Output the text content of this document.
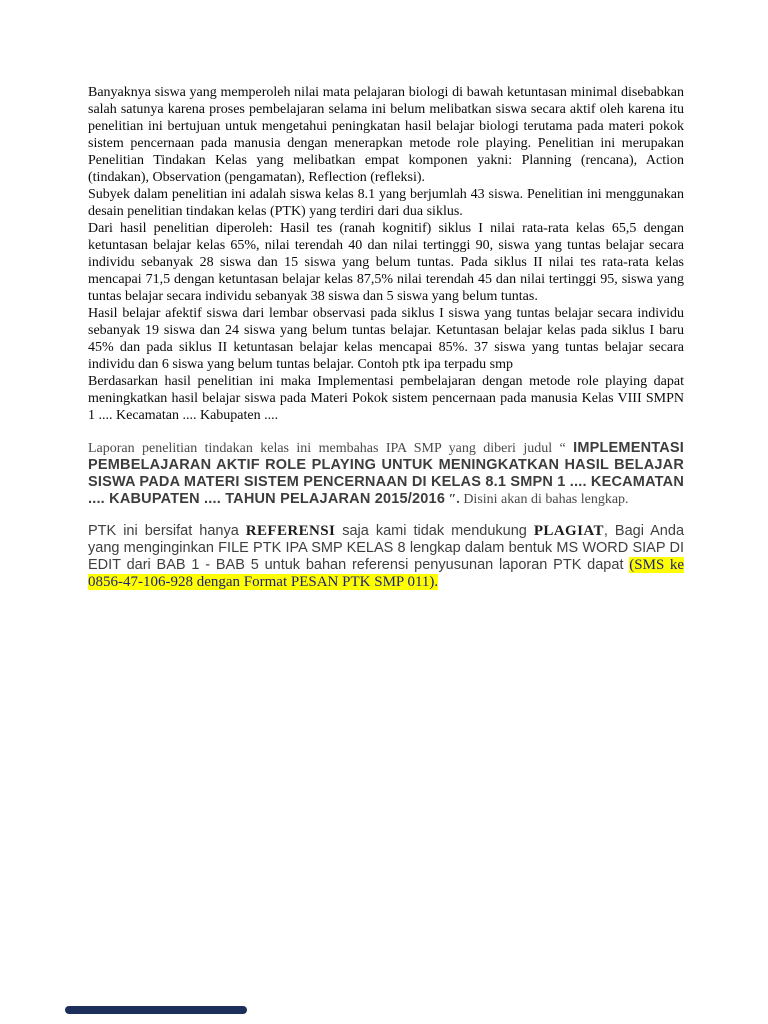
Banyaknya siswa yang memperoleh nilai mata pelajaran biologi di bawah ketuntasan minimal disebabkan salah satunya karena proses pembelajaran selama ini belum melibatkan siswa secara aktif oleh karena itu penelitian ini bertujuan untuk mengetahui peningkatan hasil belajar biologi terutama pada materi pokok sistem pencernaan pada manusia dengan menerapkan metode role playing. Penelitian ini merupakan Penelitian Tindakan Kelas yang melibatkan empat komponen yakni: Planning (rencana), Action (tindakan), Observation (pengamatan), Reflection (refleksi).

Subyek dalam penelitian ini adalah siswa kelas 8.1 yang berjumlah 43 siswa. Penelitian ini menggunakan desain penelitian tindakan kelas (PTK) yang terdiri dari dua siklus.

Dari hasil penelitian diperoleh: Hasil tes (ranah kognitif) siklus I nilai rata-rata kelas 65,5 dengan ketuntasan belajar kelas 65%, nilai terendah 40 dan nilai tertinggi 90, siswa yang tuntas belajar secara individu sebanyak 28 siswa dan 15 siswa yang belum tuntas. Pada siklus II nilai tes rata-rata kelas mencapai 71,5 dengan ketuntasan belajar kelas 87,5% nilai terendah 45 dan nilai tertinggi 95, siswa yang tuntas belajar secara individu sebanyak 38 siswa dan 5 siswa yang belum tuntas.

Hasil belajar afektif siswa dari lembar observasi pada siklus I siswa yang tuntas belajar secara individu sebanyak 19 siswa dan 24 siswa yang belum tuntas belajar. Ketuntasan belajar kelas pada siklus I baru 45% dan pada siklus II ketuntasan belajar kelas mencapai 85%. 37 siswa yang tuntas belajar secara individu dan 6 siswa yang belum tuntas belajar. Contoh ptk ipa terpadu smp

Berdasarkan hasil penelitian ini maka Implementasi pembelajaran dengan metode role playing dapat meningkatkan hasil belajar siswa pada Materi Pokok sistem pencernaan pada manusia Kelas VIII SMPN 1 .... Kecamatan .... Kabupaten ....

Laporan penelitian tindakan kelas ini membahas IPA SMP yang diberi judul “ IMPLEMENTASI PEMBELAJARAN AKTIF ROLE PLAYING UNTUK MENINGKATKAN HASIL BELAJAR SISWA PADA MATERI SISTEM PENCERNAAN DI KELAS 8.1 SMPN 1 .... KECAMATAN .... KABUPATEN .... TAHUN PELAJARAN 2015/2016 ″. Disini akan di bahas lengkap.

PTK ini bersifat hanya REFERENSI saja kami tidak mendukung PLAGIAT, Bagi Anda yang menginginkan FILE PTK IPA SMP KELAS 8 lengkap dalam bentuk MS WORD SIAP DI EDIT dari BAB 1 - BAB 5 untuk bahan referensi penyusunan laporan PTK dapat (SMS ke 0856-47-106-928 dengan Format PESAN PTK SMP 011).
